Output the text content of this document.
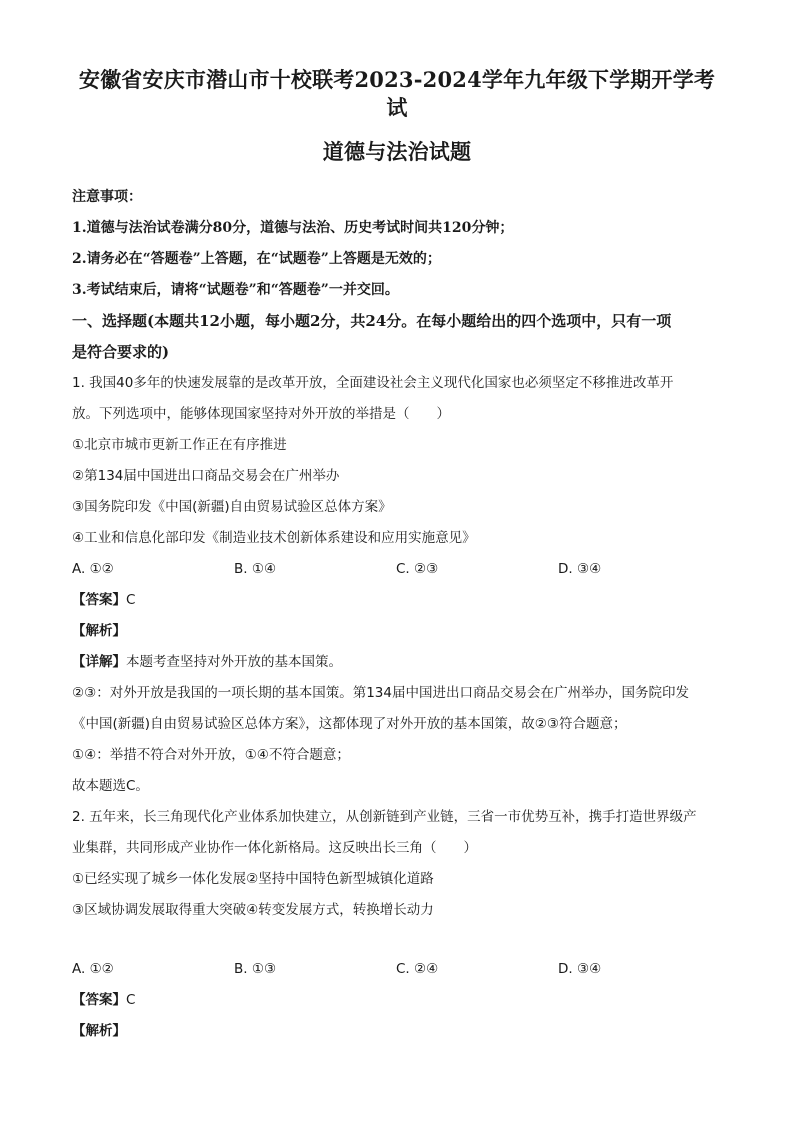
安徽省安庆市潜山市十校联考2023-2024学年九年级下学期开学考试
道德与法治试题

注意事项：

1.道德与法治试卷满分80分，道德与法治、历史考试时间共120分钟；

2.请务必在“答题卷”上答题，在“试题卷”上答题是无效的；

3.考试结束后，请将“试题卷”和“答题卷”一并交回。

一、选择题(本题共12小题，每小题2分，共24分。在每小题给出的四个选项中，只有一项

是符合要求的)

1. 我国40多年的快速发展靠的是改革开放，全面建设社会主义现代化国家也必须坚定不移推进改革开

放。下列选项中，能够体现国家坚持对外开放的举措是（　　）

①北京市城市更新工作正在有序推进

②第134届中国进出口商品交易会在广州举办

③国务院印发《中国(新疆)自由贸易试验区总体方案》

④工业和信息化部印发《制造业技术创新体系建设和应用实施意见》

A. ①②	B. ①④	C. ②③	D. ③④

【答案】C

【解析】

【详解】本题考查坚持对外开放的基本国策。

②③：对外开放是我国的一项长期的基本国策。第134届中国进出口商品交易会在广州举办，国务院印发

《中国(新疆)自由贸易试验区总体方案》，这都体现了对外开放的基本国策，故②③符合题意；

①④：举措不符合对外开放，①④不符合题意；

故本题选C。

2. 五年来，长三角现代化产业体系加快建立，从创新链到产业链，三省一市优势互补，携手打造世界级产

业集群，共同形成产业协作一体化新格局。这反映出长三角（　　）

①已经实现了城乡一体化发展②坚持中国特色新型城镇化道路

③区域协调发展取得重大突破④转变发展方式，转换增长动力

A. ①②	B. ①③	C. ②④	D. ③④

【答案】C

【解析】
